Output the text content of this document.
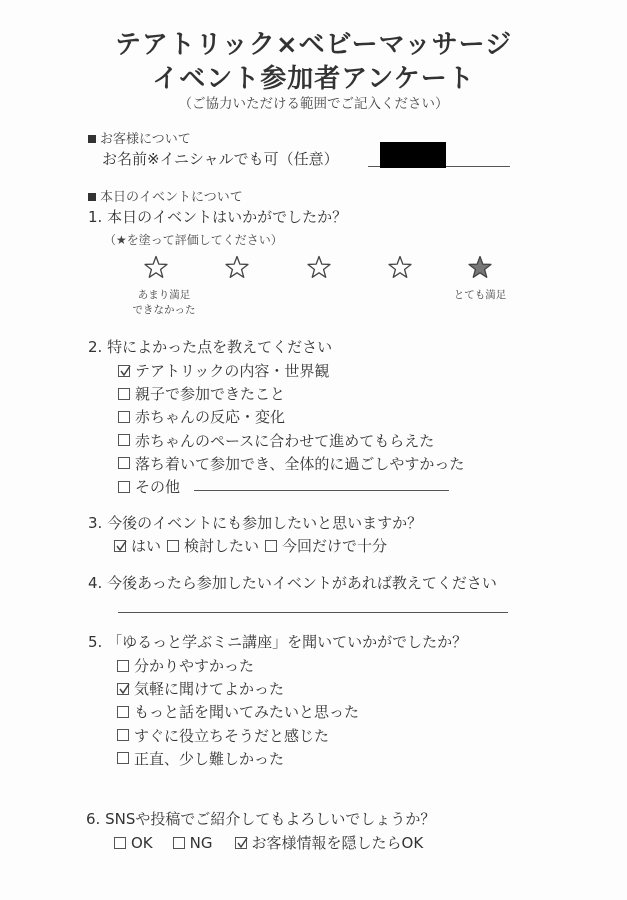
テアトリック×ベビーマッサージ
イベント参加者アンケート
（ご協力いただける範囲でご記入ください）
お客様について
お名前※イニシャルでも可（任意）
本日のイベントについて
1. 本日のイベントはいかがでしたか？
（★を塗って評価してください）
あまり満足
できなかった
とても満足
2. 特によかった点を教えてください
テアトリックの内容・世界観
親子で参加できたこと
赤ちゃんの反応・変化
赤ちゃんのペースに合わせて進めてもらえた
落ち着いて参加でき、全体的に過ごしやすかった
その他
3. 今後のイベントにも参加したいと思いますか？
はい 検討したい 今回だけで十分
4. 今後あったら参加したいイベントがあれば教えてください
5. 「ゆるっと学ぶミニ講座」を聞いていかがでしたか？
分かりやすかった
気軽に聞けてよかった
もっと話を聞いてみたいと思った
すぐに役立ちそうだと感じた
正直、少し難しかった
6. SNSや投稿でご紹介してもよろしいでしょうか？
OK NG	お客様情報を隠したらOK
